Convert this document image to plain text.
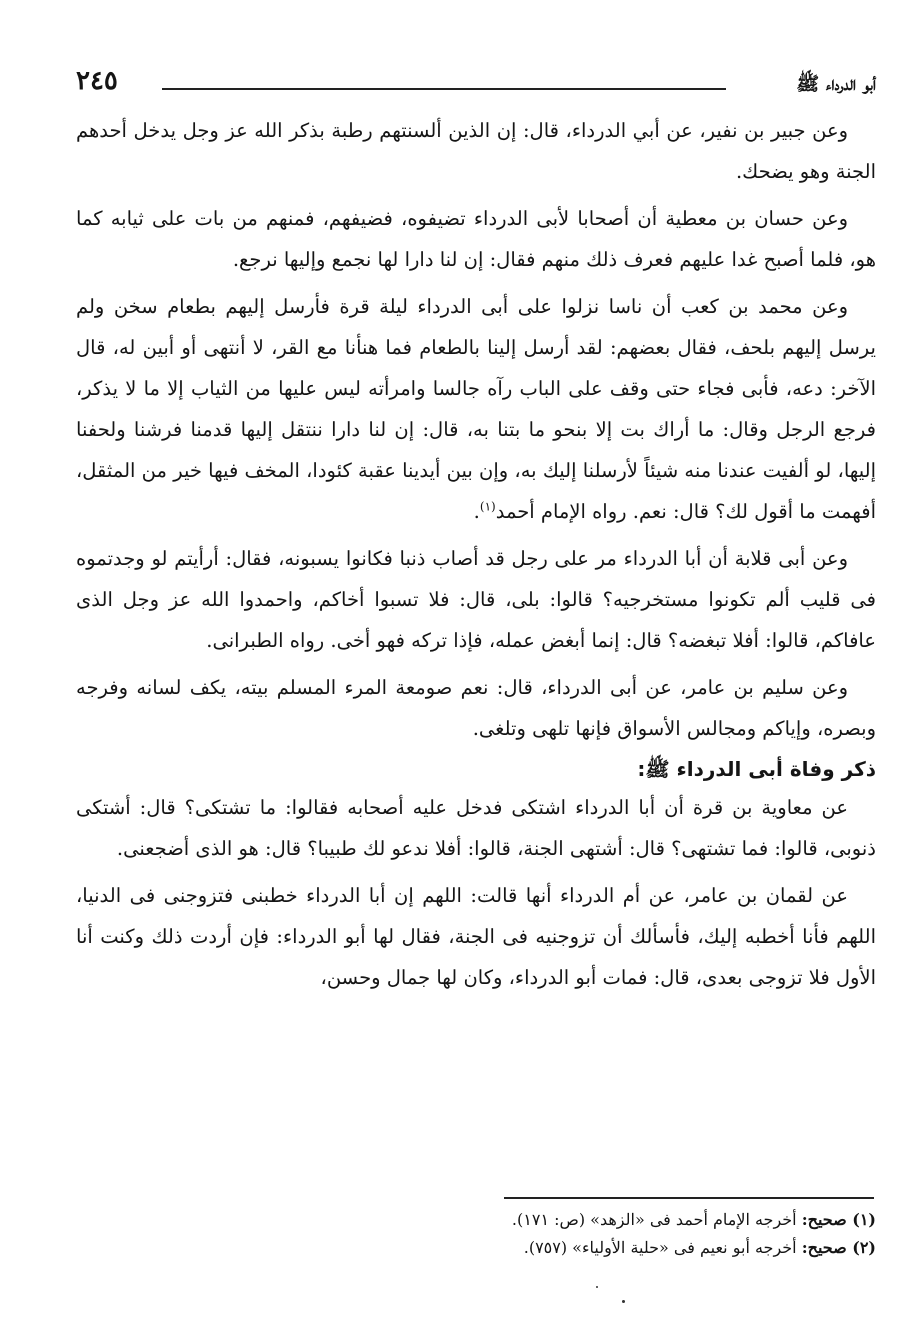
٢٤٥	أبو الدرداء ﷺ

وعن جبير بن نفير، عن أبي الدرداء، قال: إن الذين ألسنتهم رطبة بذكر الله عز وجل يدخل أحدهم الجنة وهو يضحك.

وعن حسان بن معطية أن أصحابا لأبى الدرداء تضيفوه، فضيفهم، فمنهم من بات على ثيابه كما هو، فلما أصبح غدا عليهم فعرف ذلك منهم فقال: إن لنا دارا لها نجمع وإليها نرجع.

وعن محمد بن كعب أن ناسا نزلوا على أبى الدرداء ليلة قرة فأرسل إليهم بطعام سخن ولم يرسل إليهم بلحف، فقال بعضهم: لقد أرسل إلينا بالطعام فما هنأنا مع القر، لا أنتهى أو أبين له، قال الآخر: دعه، فأبى فجاء حتى وقف على الباب رآه جالسا وامرأته ليس عليها من الثياب إلا ما لا يذكر، فرجع الرجل وقال: ما أراك بت إلا بنحو ما بتنا به، قال: إن لنا دارا ننتقل إليها قدمنا فرشنا ولحفنا إليها، لو ألفيت عندنا منه شيئاً لأرسلنا إليك به، وإن بين أيدينا عقبة كئودا، المخف فيها خير من المثقل، أفهمت ما أقول لك؟ قال: نعم. رواه الإمام أحمد$^{(١)}$.

وعن أبى قلابة أن أبا الدرداء مر على رجل قد أصاب ذنبا فكانوا يسبونه، فقال: أرأيتم لو وجدتموه فى قليب ألم تكونوا مستخرجيه؟ قالوا: بلى، قال: فلا تسبوا أخاكم، واحمدوا الله عز وجل الذى عافاكم، قالوا: أفلا تبغضه؟ قال: إنما أبغض عمله، فإذا تركه فهو أخى. رواه الطبرانى.

وعن سليم بن عامر، عن أبى الدرداء، قال: نعم صومعة المرء المسلم بيته، يكف لسانه وفرجه وبصره، وإياكم ومجالس الأسواق فإنها تلهى وتلغى.

ذكر وفاة أبى الدرداء ﷺ:

عن معاوية بن قرة أن أبا الدرداء اشتكى فدخل عليه أصحابه فقالوا: ما تشتكى؟ قال: أشتكى ذنوبى، قالوا: فما تشتهى؟ قال: أشتهى الجنة، قالوا: أفلا ندعو لك طبيبا؟ قال: هو الذى أضجعنى.

عن لقمان بن عامر، عن أم الدرداء أنها قالت: اللهم إن أبا الدرداء خطبنى فتزوجنى فى الدنيا، اللهم فأنا أخطبه إليك، فأسألك أن تزوجنيه فى الجنة، فقال لها أبو الدرداء: فإن أردت ذلك وكنت أنا الأول فلا تزوجى بعدى، قال: فمات أبو الدرداء، وكان لها جمال وحسن،

(١) صحيح: أخرجه الإمام أحمد فى «الزهد» (ص: ١٧١).

(٢) صحيح: أخرجه أبو نعيم فى «حلية الأولياء» (٧٥٧).
